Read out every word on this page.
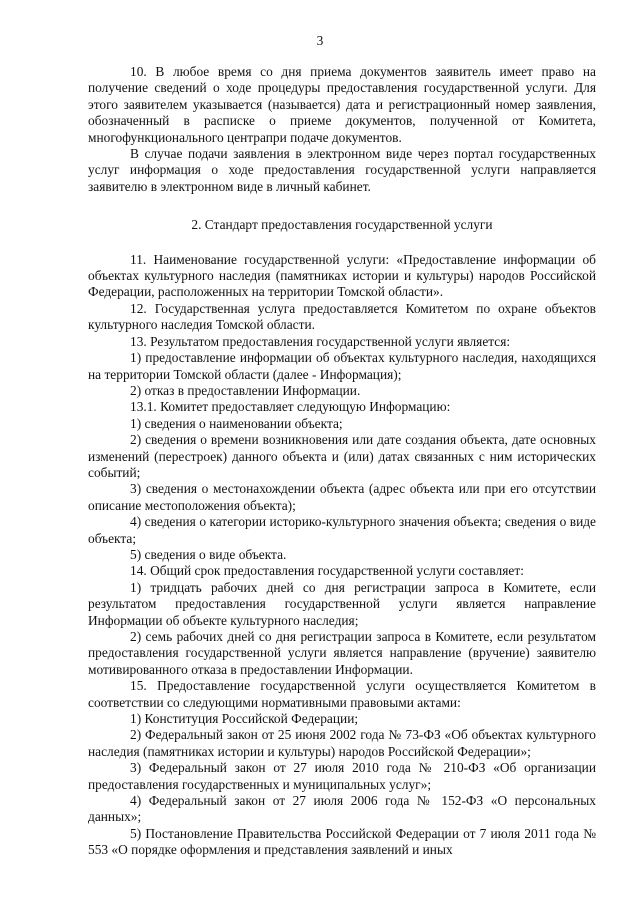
3

10. В любое время со дня приема документов заявитель имеет право на получение сведений о ходе процедуры предоставления государственной услуги. Для этого заявителем указывается (называется) дата и регистрационный номер заявления, обозначенный в расписке о приеме документов, полученной от Комитета, многофункционального центрапри подаче документов.

В случае подачи заявления в электронном виде через портал государственных услуг информация о ходе предоставления государственной услуги направляется заявителю в электронном виде в личный кабинет.

2. Стандарт предоставления государственной услуги

11. Наименование государственной услуги: «Предоставление информации об объектах культурного наследия (памятниках истории и культуры) народов Российской Федерации, расположенных на территории Томской области».

12. Государственная услуга предоставляется Комитетом по охране объектов культурного наследия Томской области.

13. Результатом предоставления государственной услуги является:

1) предоставление информации об объектах культурного наследия, находящихся на территории Томской области (далее - Информация);

2) отказ в предоставлении Информации.

13.1. Комитет предоставляет следующую Информацию:

1) сведения о наименовании объекта;

2) сведения о времени возникновения или дате создания объекта, дате основных изменений (перестроек) данного объекта и (или) датах связанных с ним исторических событий;

3) сведения о местонахождении объекта (адрес объекта или при его отсутствии описание местоположения объекта);

4) сведения о категории историко-культурного значения объекта; сведения о виде объекта;

5) сведения о виде объекта.

14. Общий срок предоставления государственной услуги составляет:

1) тридцать рабочих дней со дня регистрации запроса в Комитете, если результатом предоставления государственной услуги является направление Информации об объекте культурного наследия;

2) семь рабочих дней со дня регистрации запроса в Комитете, если результатом предоставления государственной услуги является направление (вручение) заявителю мотивированного отказа в предоставлении Информации.

15. Предоставление государственной услуги осуществляется Комитетом в соответствии со следующими нормативными правовыми актами:

1) Конституция Российской Федерации;

2) Федеральный закон от 25 июня 2002 года № 73-ФЗ «Об объектах культурного наследия (памятниках истории и культуры) народов Российской Федерации»;

3) Федеральный закон от 27 июля 2010 года № 210-ФЗ «Об организации предоставления государственных и муниципальных услуг»;

4) Федеральный закон от 27 июля 2006 года № 152-ФЗ «О персональных данных»;

5) Постановление Правительства Российской Федерации от 7 июля 2011 года № 553 «О порядке оформления и представления заявлений и иных
